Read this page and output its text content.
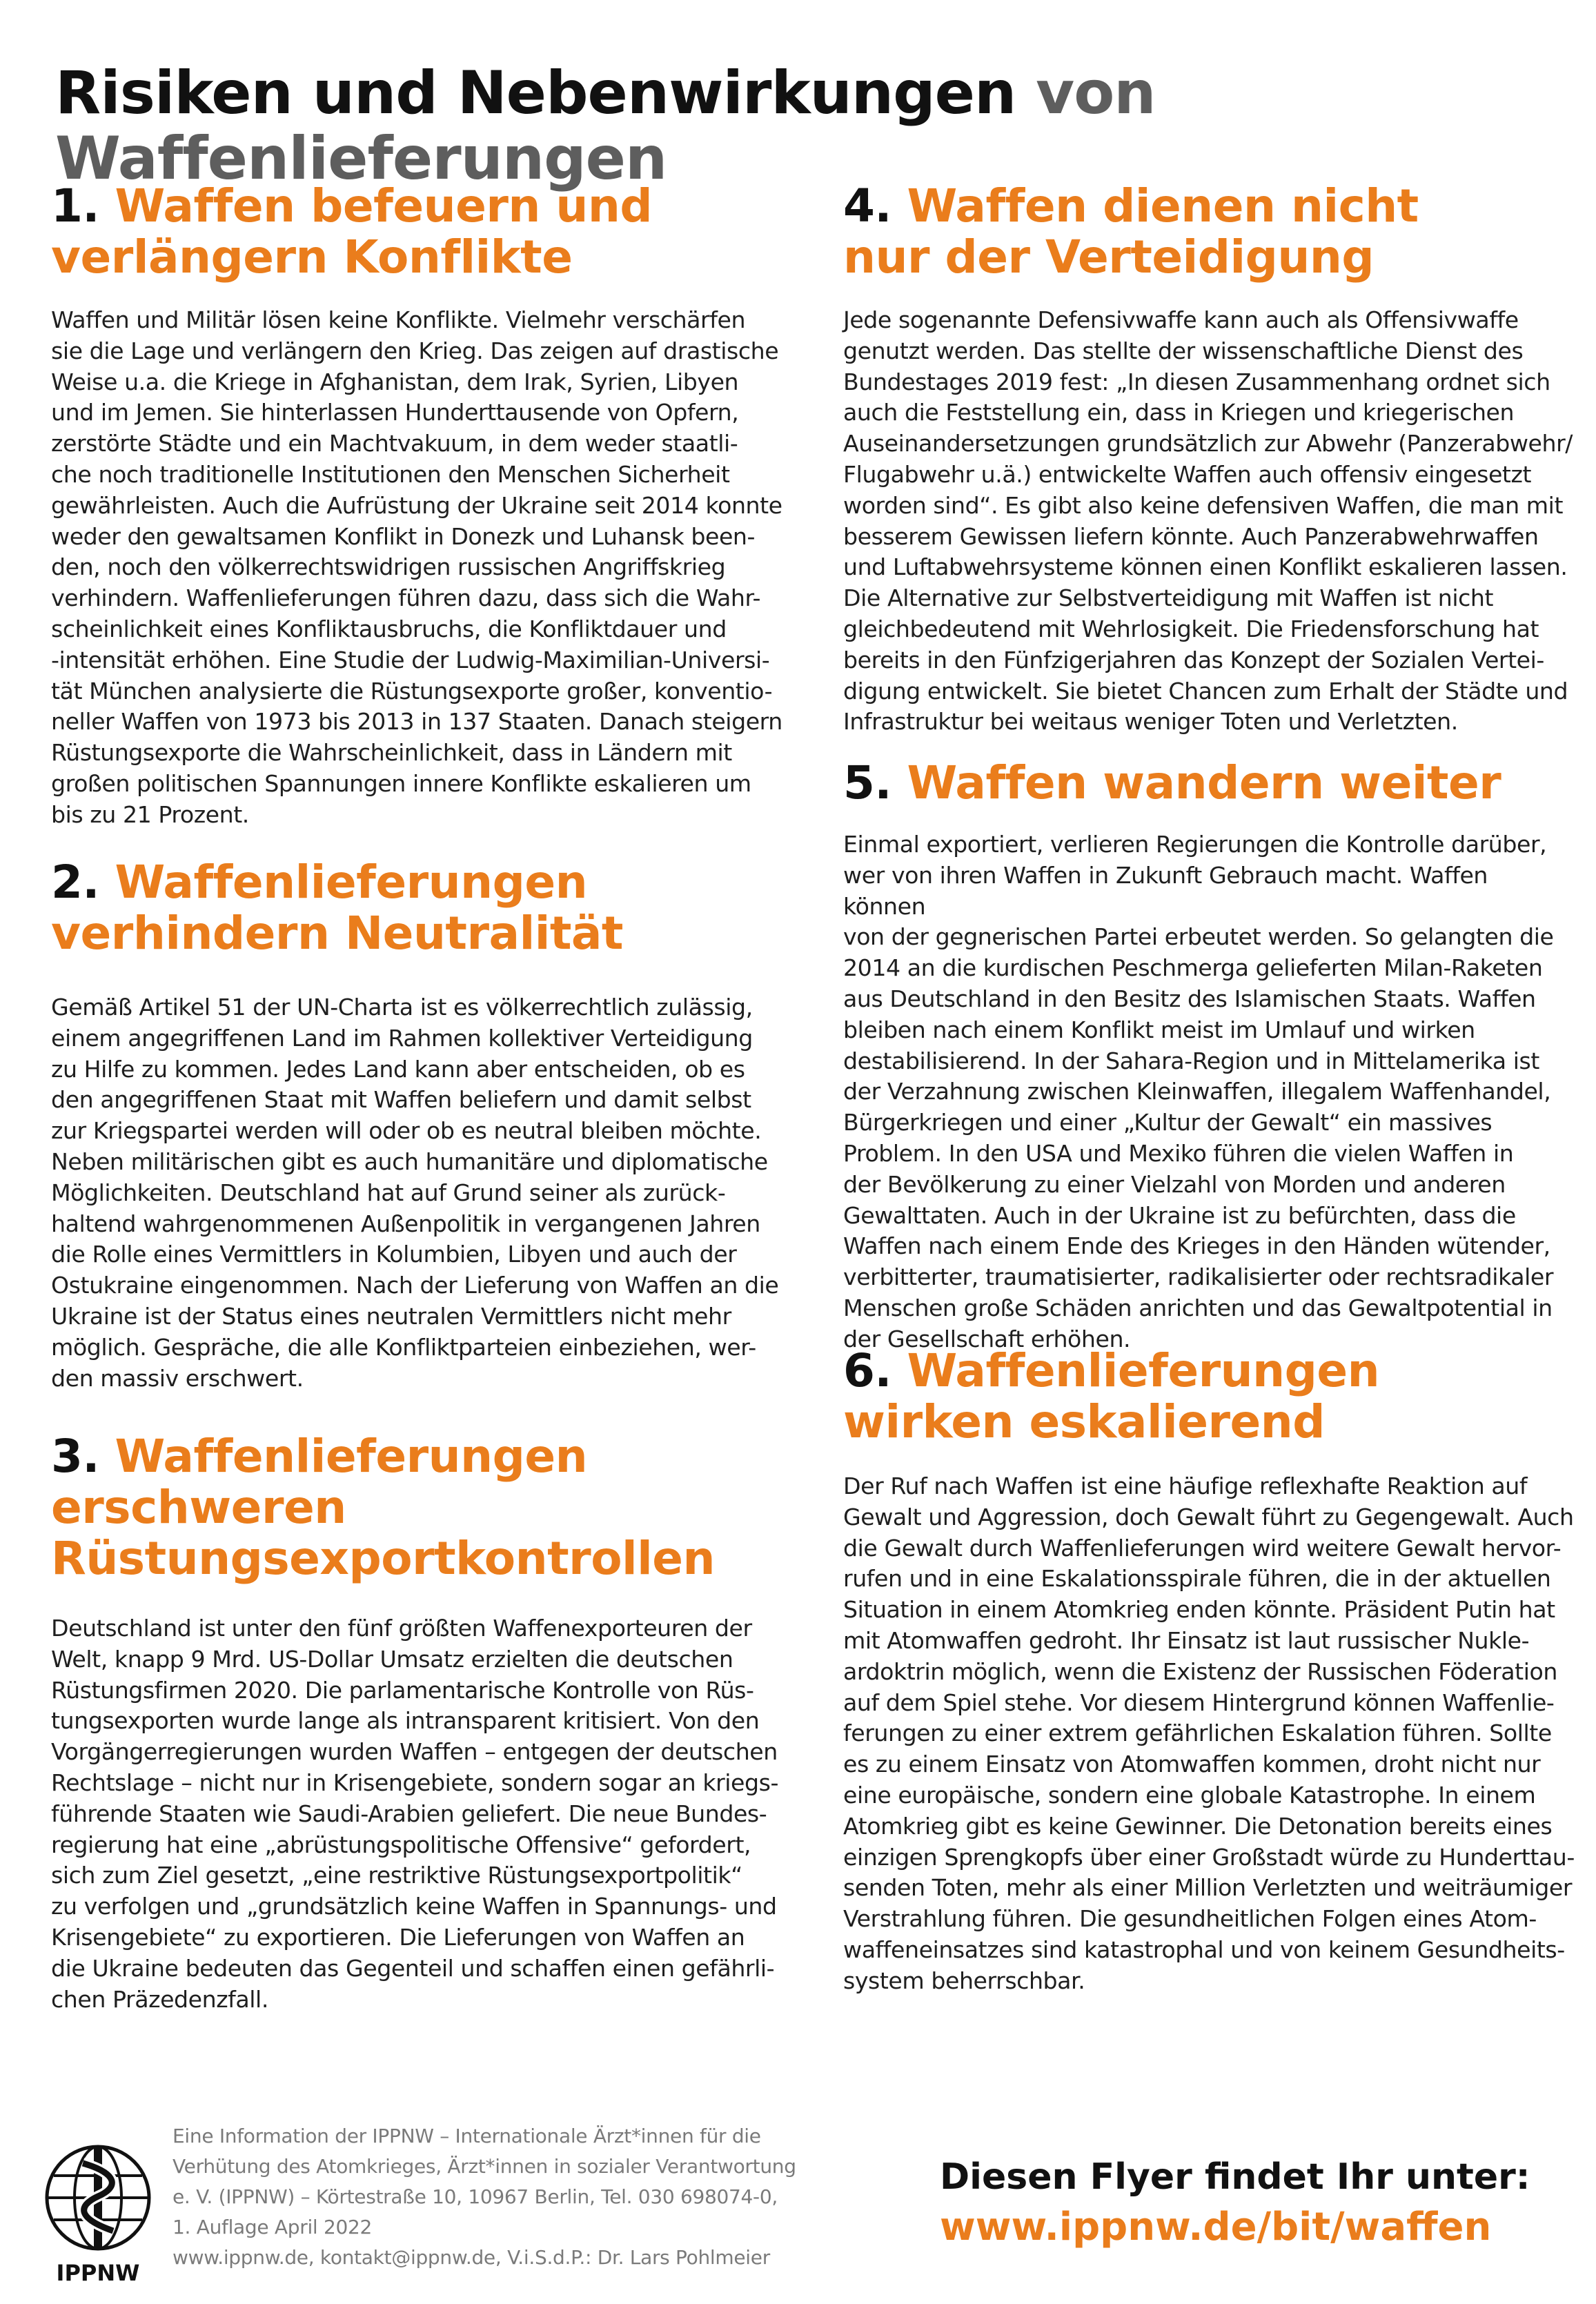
Risiken und Nebenwirkungen von Waffenlieferungen
1. Waffen befeuern und
verlängern Konflikte

Waffen und Militär lösen keine Konflikte. Vielmehr verschärfen
sie die Lage und verlängern den Krieg. Das zeigen auf drastische
Weise u.a. die Kriege in Afghanistan, dem Irak, Syrien, Libyen
und im Jemen. Sie hinterlassen Hunderttausende von Opfern,
zerstörte Städte und ein Machtvakuum, in dem weder staatli-
che noch traditionelle Institutionen den Menschen Sicherheit
gewährleisten. Auch die Aufrüstung der Ukraine seit 2014 konnte
weder den gewaltsamen Konflikt in Donezk und Luhansk been-
den, noch den völkerrechtswidrigen russischen Angriffskrieg
verhindern. Waffenlieferungen führen dazu, dass sich die Wahr-
scheinlichkeit eines Konfliktausbruchs, die Konfliktdauer und
-intensität erhöhen. Eine Studie der Ludwig-Maximilian-Universi-
tät München analysierte die Rüstungsexporte großer, konventio-
neller Waffen von 1973 bis 2013 in 137 Staaten. Danach steigern
Rüstungsexporte die Wahrscheinlichkeit, dass in Ländern mit
großen politischen Spannungen innere Konflikte eskalieren um
bis zu 21 Prozent.

2. Waffenlieferungen
verhindern Neutralität

Gemäß Artikel 51 der UN-Charta ist es völkerrechtlich zulässig,
einem angegriffenen Land im Rahmen kollektiver Verteidigung
zu Hilfe zu kommen. Jedes Land kann aber entscheiden, ob es
den angegriffenen Staat mit Waffen beliefern und damit selbst
zur Kriegspartei werden will oder ob es neutral bleiben möchte.
Neben militärischen gibt es auch humanitäre und diplomatische
Möglichkeiten. Deutschland hat auf Grund seiner als zurück-
haltend wahrgenommenen Außenpolitik in vergangenen Jahren
die Rolle eines Vermittlers in Kolumbien, Libyen und auch der
Ostukraine eingenommen. Nach der Lieferung von Waffen an die
Ukraine ist der Status eines neutralen Vermittlers nicht mehr
möglich. Gespräche, die alle Konfliktparteien einbeziehen, wer-
den massiv erschwert.

3. Waffenlieferungen erschweren
Rüstungsexportkontrollen

Deutschland ist unter den fünf größten Waffenexporteuren der
Welt, knapp 9 Mrd. US-Dollar Umsatz erzielten die deutschen
Rüstungsfirmen 2020. Die parlamentarische Kontrolle von Rüs-
tungsexporten wurde lange als intransparent kritisiert. Von den
Vorgängerregierungen wurden Waffen – entgegen der deutschen
Rechtslage – nicht nur in Krisengebiete, sondern sogar an kriegs-
führende Staaten wie Saudi-Arabien geliefert. Die neue Bundes-
regierung hat eine „abrüstungspolitische Offensive“ gefordert,
sich zum Ziel gesetzt, „eine restriktive Rüstungsexportpolitik“
zu verfolgen und „grundsätzlich keine Waffen in Spannungs- und
Krisengebiete“ zu exportieren. Die Lieferungen von Waffen an
die Ukraine bedeuten das Gegenteil und schaffen einen gefährli-
chen Präzedenzfall.

4. Waffen dienen nicht
nur der Verteidigung

Jede sogenannte Defensivwaffe kann auch als Offensivwaffe
genutzt werden. Das stellte der wissenschaftliche Dienst des
Bundestages 2019 fest: „In diesen Zusammenhang ordnet sich
auch die Feststellung ein, dass in Kriegen und kriegerischen
Auseinandersetzungen grundsätzlich zur Abwehr (Panzerabwehr/
Flugabwehr u.ä.) entwickelte Waffen auch offensiv eingesetzt
worden sind“. Es gibt also keine defensiven Waffen, die man mit
besserem Gewissen liefern könnte. Auch Panzerabwehrwaffen
und Luftabwehrsysteme können einen Konflikt eskalieren lassen.
Die Alternative zur Selbstverteidigung mit Waffen ist nicht
gleichbedeutend mit Wehrlosigkeit. Die Friedensforschung hat
bereits in den Fünfzigerjahren das Konzept der Sozialen Vertei-
digung entwickelt. Sie bietet Chancen zum Erhalt der Städte und
Infrastruktur bei weitaus weniger Toten und Verletzten.

5. Waffen wandern weiter

Einmal exportiert, verlieren Regierungen die Kontrolle darüber,
wer von ihren Waffen in Zukunft Gebrauch macht. Waffen können
von der gegnerischen Partei erbeutet werden. So gelangten die
2014 an die kurdischen Peschmerga gelieferten Milan-Raketen
aus Deutschland in den Besitz des Islamischen Staats. Waffen
bleiben nach einem Konflikt meist im Umlauf und wirken
destabilisierend. In der Sahara-Region und in Mittelamerika ist
der Verzahnung zwischen Kleinwaffen, illegalem Waffenhandel,
Bürgerkriegen und einer „Kultur der Gewalt“ ein massives
Problem. In den USA und Mexiko führen die vielen Waffen in
der Bevölkerung zu einer Vielzahl von Morden und anderen
Gewalttaten. Auch in der Ukraine ist zu befürchten, dass die
Waffen nach einem Ende des Krieges in den Händen wütender,
verbitterter, traumatisierter, radikalisierter oder rechtsradikaler
Menschen große Schäden anrichten und das Gewaltpotential in
der Gesellschaft erhöhen.

6. Waffenlieferungen
wirken eskalierend

Der Ruf nach Waffen ist eine häufige reflexhafte Reaktion auf
Gewalt und Aggression, doch Gewalt führt zu Gegengewalt. Auch
die Gewalt durch Waffenlieferungen wird weitere Gewalt hervor-
rufen und in eine Eskalationsspirale führen, die in der aktuellen
Situation in einem Atomkrieg enden könnte. Präsident Putin hat
mit Atomwaffen gedroht. Ihr Einsatz ist laut russischer Nukle-
ardoktrin möglich, wenn die Existenz der Russischen Föderation
auf dem Spiel stehe. Vor diesem Hintergrund können Waffenlie-
ferungen zu einer extrem gefährlichen Eskalation führen. Sollte
es zu einem Einsatz von Atomwaffen kommen, droht nicht nur
eine europäische, sondern eine globale Katastrophe. In einem
Atomkrieg gibt es keine Gewinner. Die Detonation bereits eines
einzigen Sprengkopfs über einer Großstadt würde zu Hunderttau-
senden Toten, mehr als einer Million Verletzten und weiträumiger
Verstrahlung führen. Die gesundheitlichen Folgen eines Atom-
waffeneinsatzes sind katastrophal und von keinem Gesundheits-
system beherrschbar.

IPPNW
Eine Information der IPPNW – Internationale Ärzt*innen für die
Verhütung des Atomkrieges, Ärzt*innen in sozialer Verantwortung
e. V. (IPPNW) – Körtestraße 10, 10967 Berlin, Tel. 030 698074-0,
1. Auflage April 2022
www.ippnw.de, kontakt@ippnw.de, V.i.S.d.P.: Dr. Lars Pohlmeier
Diesen Flyer findet Ihr unter:
www.ippnw.de/bit/waffen
